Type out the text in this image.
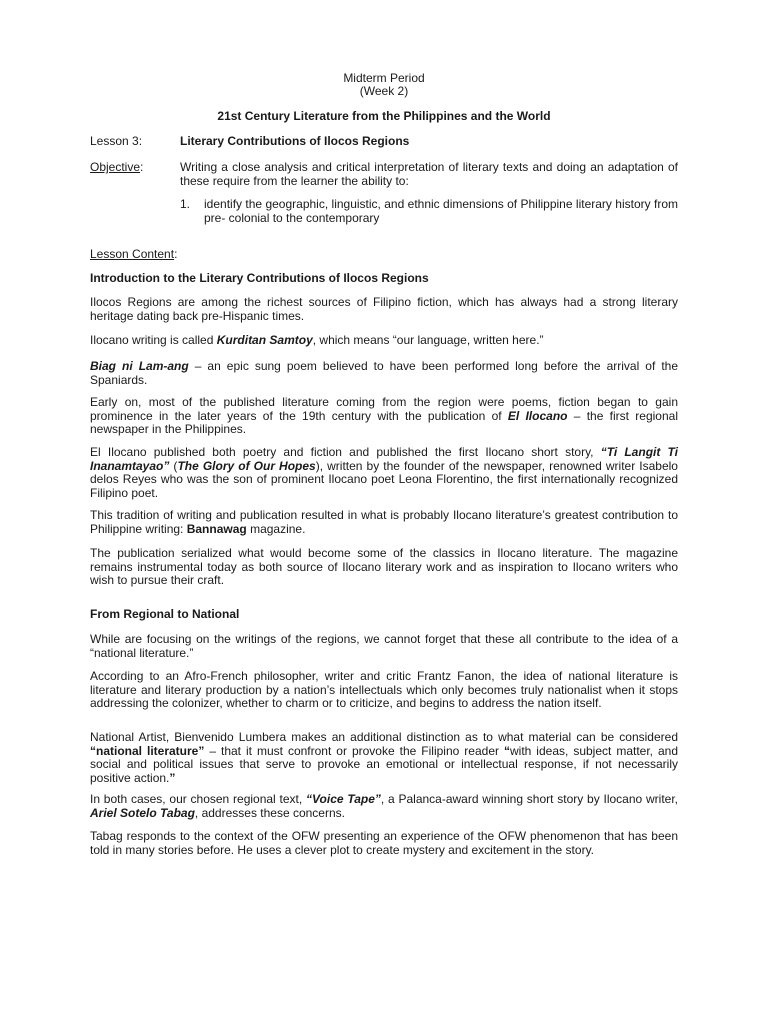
Midterm Period
(Week 2)
21st Century Literature from the Philippines and the World
Lesson 3:	Literary Contributions of Ilocos Regions
Objective:	Writing a close analysis and critical interpretation of literary texts and doing an adaptation of these require from the learner the ability to:

1. identify the geographic, linguistic, and ethnic dimensions of Philippine literary history from pre- colonial to the contemporary

Lesson Content:
Introduction to the Literary Contributions of Ilocos Regions

Ilocos Regions are among the richest sources of Filipino fiction, which has always had a strong literary heritage dating back pre-Hispanic times.

Ilocano writing is called Kurditan Samtoy, which means “our language, written here.”

Biag ni Lam-ang – an epic sung poem believed to have been performed long before the arrival of the Spaniards.

Early on, most of the published literature coming from the region were poems, fiction began to gain prominence in the later years of the 19th century with the publication of El Ilocano – the first regional newspaper in the Philippines.

El Ilocano published both poetry and fiction and published the first Ilocano short story, “Ti Langit Ti Inanamtayao” (The Glory of Our Hopes), written by the founder of the newspaper, renowned writer Isabelo delos Reyes who was the son of prominent Ilocano poet Leona Florentino, the first internationally recognized Filipino poet.

This tradition of writing and publication resulted in what is probably Ilocano literature’s greatest contribution to Philippine writing: Bannawag magazine.

The publication serialized what would become some of the classics in Ilocano literature. The magazine remains instrumental today as both source of Ilocano literary work and as inspiration to Ilocano writers who wish to pursue their craft.

From Regional to National

While are focusing on the writings of the regions, we cannot forget that these all contribute to the idea of a “national literature.”

According to an Afro-French philosopher, writer and critic Frantz Fanon, the idea of national literature is literature and literary production by a nation’s intellectuals which only becomes truly nationalist when it stops addressing the colonizer, whether to charm or to criticize, and begins to address the nation itself.

National Artist, Bienvenido Lumbera makes an additional distinction as to what material can be considered “national literature” – that it must confront or provoke the Filipino reader “with ideas, subject matter, and social and political issues that serve to provoke an emotional or intellectual response, if not necessarily positive action.”

In both cases, our chosen regional text, “Voice Tape”, a Palanca-award winning short story by Ilocano writer, Ariel Sotelo Tabag, addresses these concerns.

Tabag responds to the context of the OFW presenting an experience of the OFW phenomenon that has been told in many stories before. He uses a clever plot to create mystery and excitement in the story.
